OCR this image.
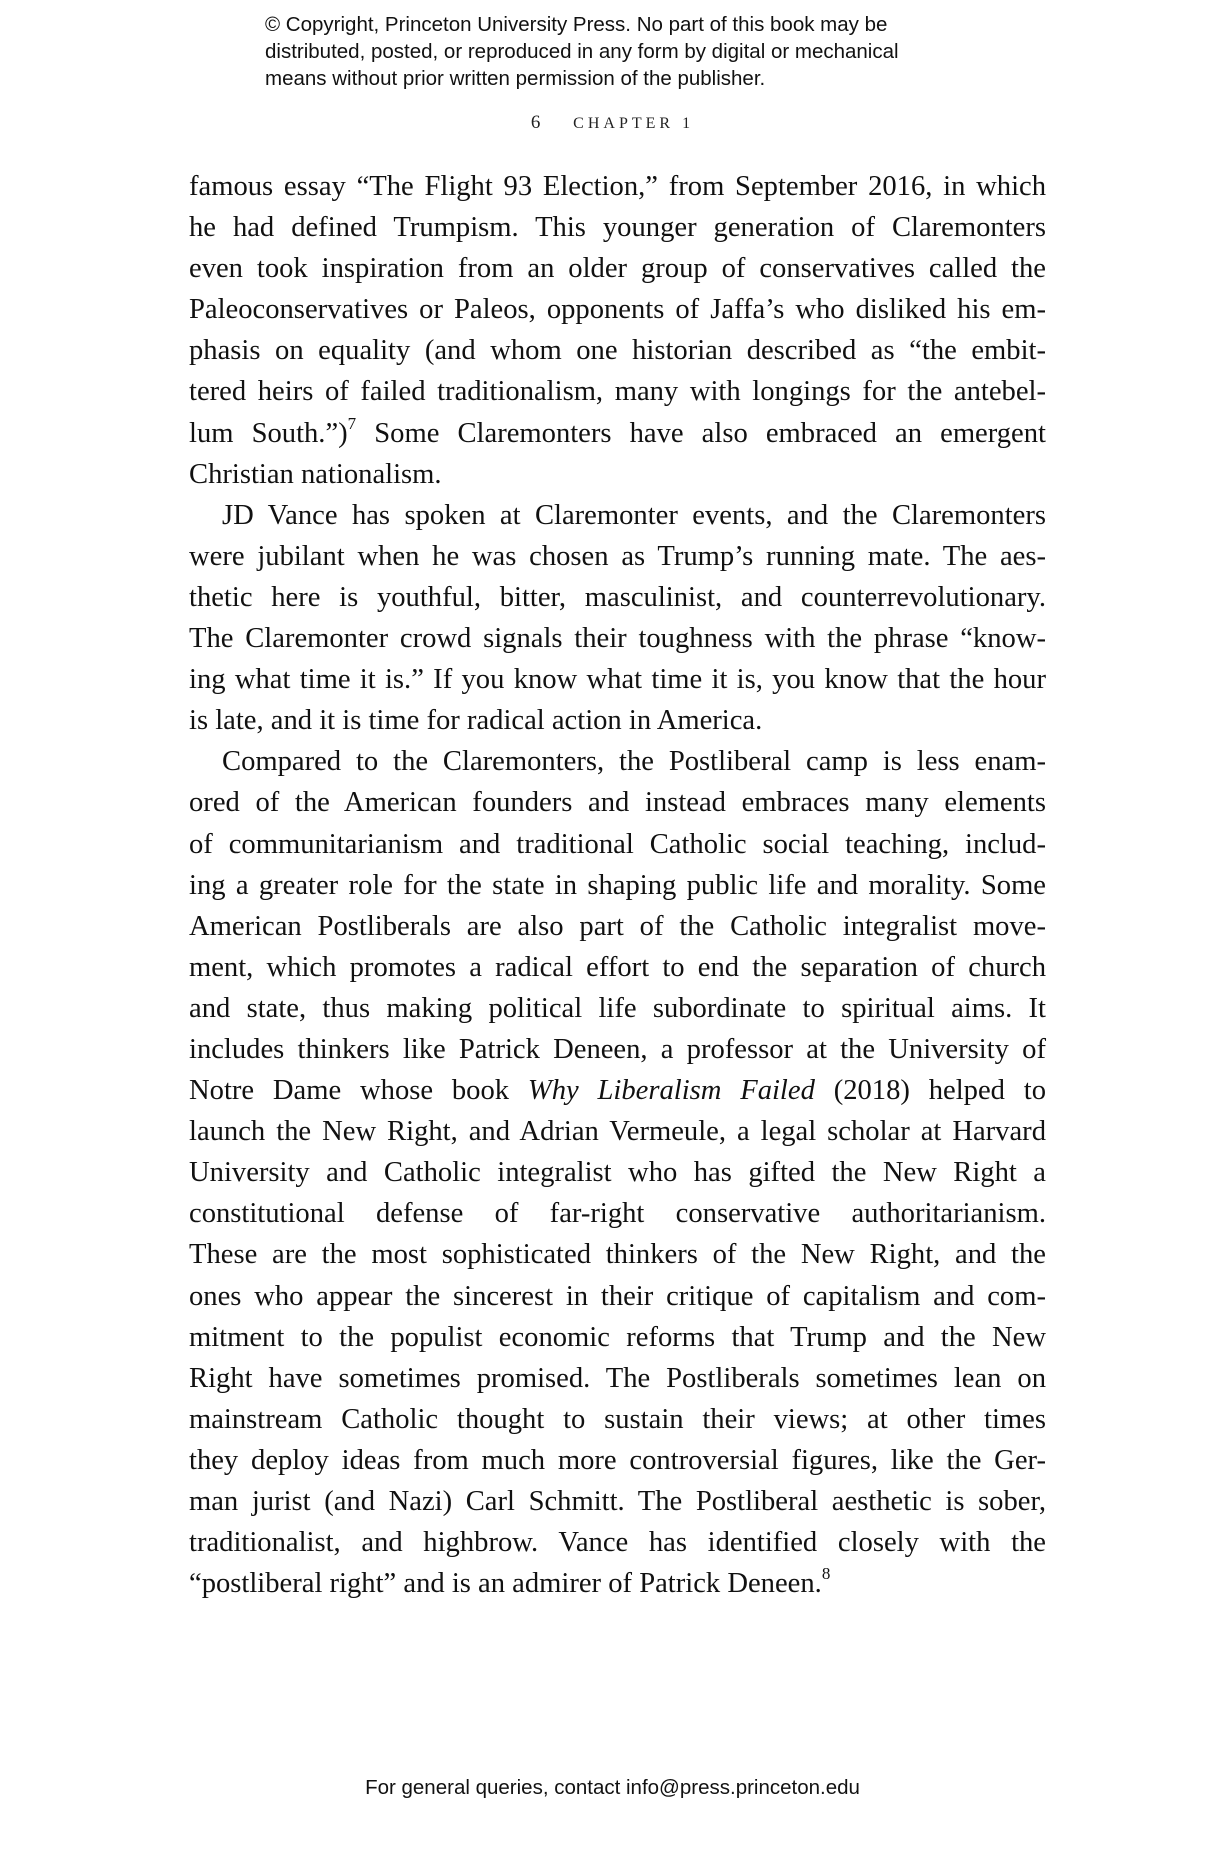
© Copyright, Princeton University Press. No part of this book may be
distributed, posted, or reproduced in any form by digital or mechanical
means without prior written permission of the publisher.
6 CHAPTER 1
famous essay “The Flight 93 Election,” from September 2016, in which
he had defined Trumpism. This younger generation of Claremonters
even took inspiration from an older group of conservatives called the
Paleoconservatives or Paleos, opponents of Jaffa’s who disliked his em-
phasis on equality (and whom one historian described as “the embit-
tered heirs of failed traditionalism, many with longings for the antebel-
lum South.”)$^7$ Some Claremonters have also embraced an emergent
Christian nationalism.
JD Vance has spoken at Claremonter events, and the Claremonters
were jubilant when he was chosen as Trump’s running mate. The aes-
thetic here is youthful, bitter, masculinist, and counterrevolutionary.
The Claremonter crowd signals their toughness with the phrase “know-
ing what time it is.” If you know what time it is, you know that the hour
is late, and it is time for radical action in America.
Compared to the Claremonters, the Postliberal camp is less enam-
ored of the American founders and instead embraces many elements
of communitarianism and traditional Catholic social teaching, includ-
ing a greater role for the state in shaping public life and morality. Some
American Postliberals are also part of the Catholic integralist move-
ment, which promotes a radical effort to end the separation of church
and state, thus making political life subordinate to spiritual aims. It
includes thinkers like Patrick Deneen, a professor at the University of
Notre Dame whose book Why Liberalism Failed (2018) helped to
launch the New Right, and Adrian Vermeule, a legal scholar at Harvard
University and Catholic integralist who has gifted the New Right a
constitutional defense of far-right conservative authoritarianism.
These are the most sophisticated thinkers of the New Right, and the
ones who appear the sincerest in their critique of capitalism and com-
mitment to the populist economic reforms that Trump and the New
Right have sometimes promised. The Postliberals sometimes lean on
mainstream Catholic thought to sustain their views; at other times
they deploy ideas from much more controversial figures, like the Ger-
man jurist (and Nazi) Carl Schmitt. The Postliberal aesthetic is sober,
traditionalist, and highbrow. Vance has identified closely with the
“postliberal right” and is an admirer of Patrick Deneen.$^8$
For general queries, contact info@press.princeton.edu
